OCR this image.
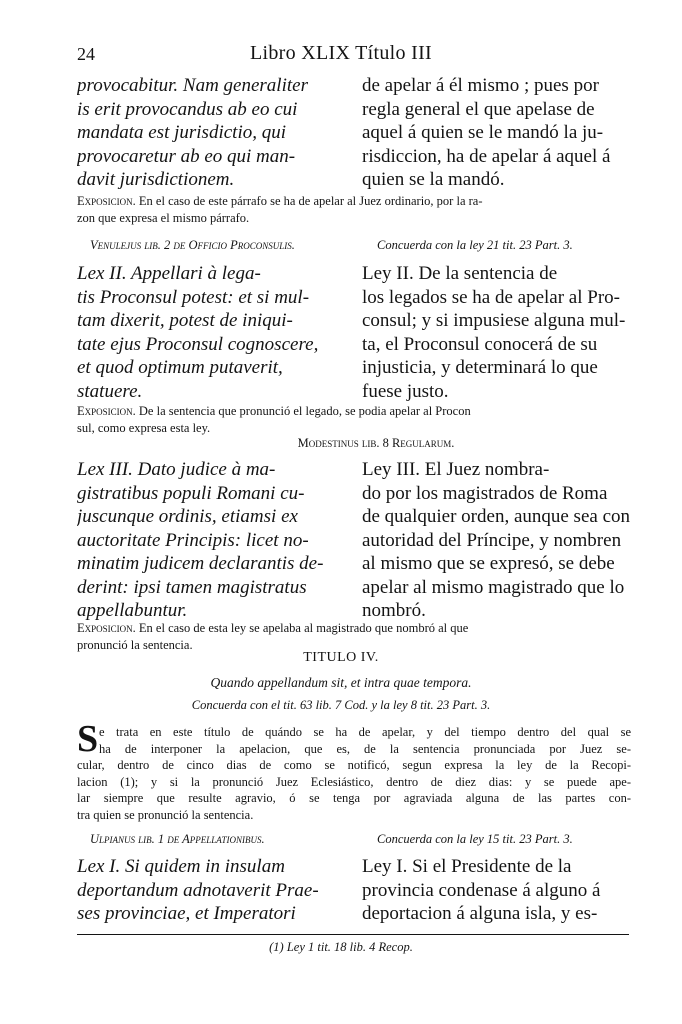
24	Libro XLIX Título III
provocabitur. Nam generaliter
is erit provocandus ab eo cui
mandata est jurisdictio, qui
provocaretur ab eo qui man-
davit jurisdictionem.
de apelar á él mismo ; pues por
regla general el que apelase de
aquel á quien se le mandó la ju-
risdiccion, ha de apelar á aquel á
quien se la mandó.
Exposicion. En el caso de este párrafo se ha de apelar al Juez ordinario, por la ra-
zon que expresa el mismo párrafo.
Venulejus lib. 2 de Officio Proconsulis.	Concuerda con la ley 21 tit. 23 Part. 3.
Lex II. Appellari à lega-
tis Proconsul potest: et si mul-
tam dixerit, potest de iniqui-
tate ejus Proconsul cognoscere,
et quod optimum putaverit,
statuere.
Ley II. De la sentencia de
los legados se ha de apelar al Pro-
consul; y si impusiese alguna mul-
ta, el Proconsul conocerá de su
injusticia, y determinará lo que
fuese justo.
Exposicion. De la sentencia que pronunció el legado, se podia apelar al Procon
sul, como expresa esta ley.
Modestinus lib. 8 Regularum.
Lex III. Dato judice à ma-
gistratibus populi Romani cu-
juscunque ordinis, etiamsi ex
auctoritate Principis: licet no-
minatim judicem declarantis de-
derint: ipsi tamen magistratus
appellabuntur.
Ley III. El Juez nombra-
do por los magistrados de Roma
de qualquier orden, aunque sea con
autoridad del Príncipe, y nombren
al mismo que se expresó, se debe
apelar al mismo magistrado que lo
nombró.
Exposicion. En el caso de esta ley se apelaba al magistrado que nombró al que
pronunció la sentencia.
TITULO IV.
Quando appellandum sit, et intra quae tempora.
Concuerda con el tit. 63 lib. 7 Cod. y la ley 8 tit. 23 Part. 3.
S e trata en este título de quándo se ha de apelar, y del tiempo dentro del qual se
ha de interponer la apelacion, que es, de la sentencia pronunciada por Juez se-
cular, dentro de cinco dias de como se notificó, segun expresa la ley de la Recopi-
lacion (1); y si la pronunció Juez Eclesiástico, dentro de diez dias: y se puede ape-
lar siempre que resulte agravio, ó se tenga por agraviada alguna de las partes con-
tra quien se pronunció la sentencia.
Ulpianus lib. 1 de Appellationibus.	Concuerda con la ley 15 tit. 23 Part. 3.
Lex I. Si quidem in insulam
deportandum adnotaverit Prae-
ses provinciae, et Imperatori
Ley I. Si el Presidente de la
provincia condenase á alguno á
deportacion á alguna isla, y es-
(1) Ley 1 tit. 18 lib. 4 Recop.
